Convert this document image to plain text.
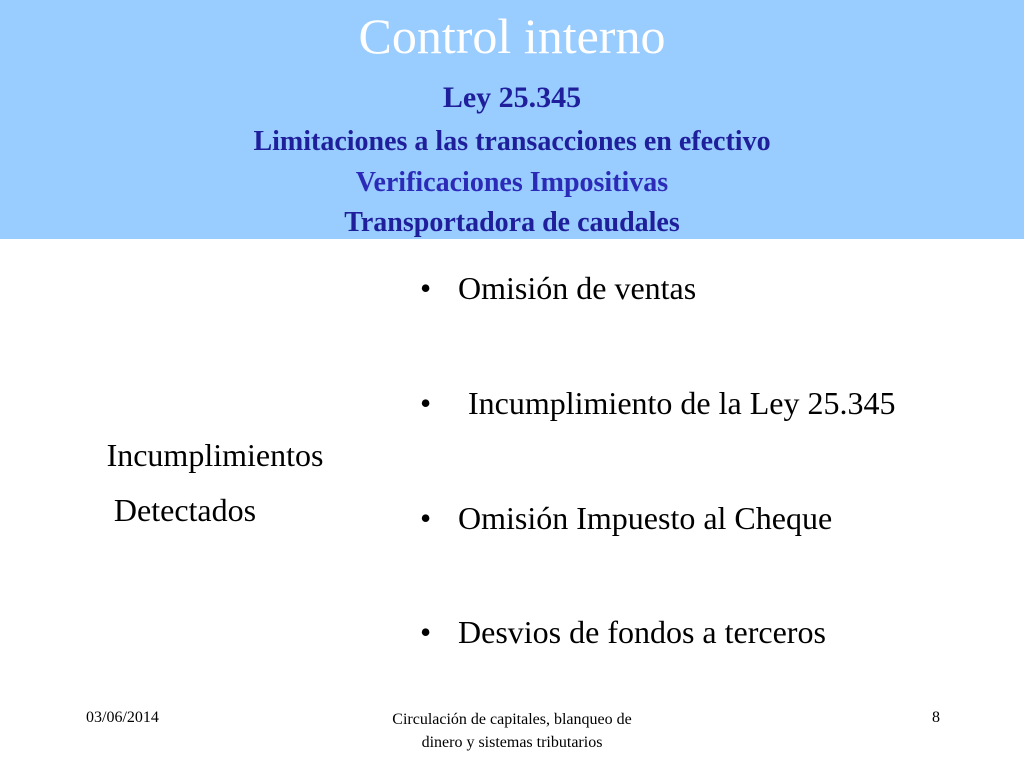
Control interno
Ley 25.345
Limitaciones a las transacciones en efectivo
Verificaciones Impositivas
Transportadora de caudales
Incumplimientos
Detectados
• Omisión de ventas
• Incumplimiento de la Ley 25.345
• Omisión Impuesto al Cheque
• Desvios de fondos a terceros
03/06/2014	Circulación de capitales, blanqueo de
dinero y sistemas tributarios
8
